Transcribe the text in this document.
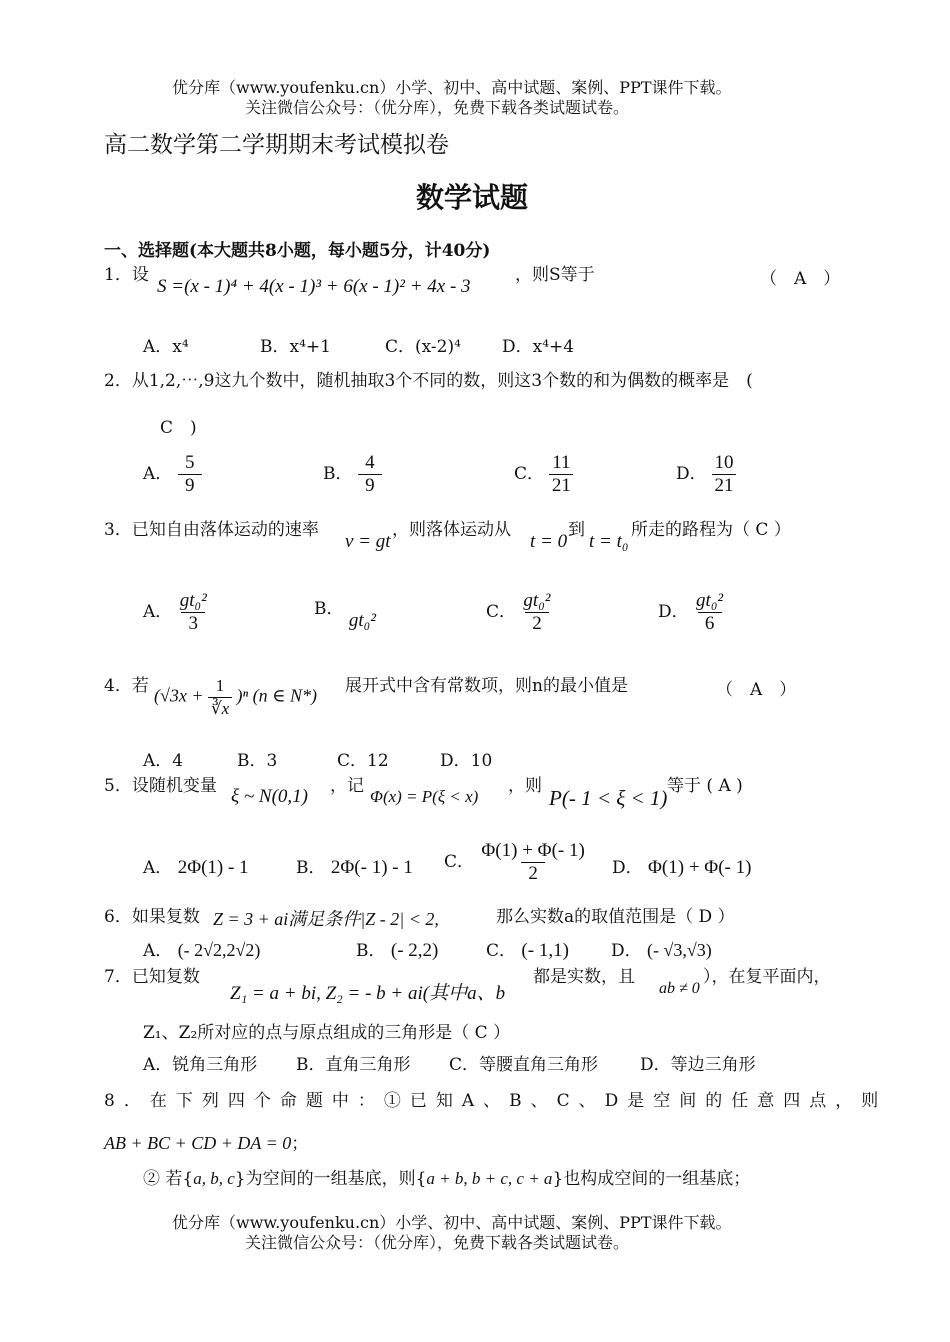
优分库（www.youfenku.cn）小学、初中、高中试题、案例、PPT课件下载。
关注微信公众号：（优分库），免费下载各类试题试卷。
高二数学第二学期期末考试模拟卷
数学试题
一、选择题(本大题共8小题，每小题5分，计40分)
1．设
S =(x - 1)⁴ + 4(x - 1)³ + 6(x - 1)² + 4x - 3
，则S等于	（　A　）
A．x⁴	B．x⁴+1	C．(x-2)⁴ D．x⁴+4
2．从1,2,⋯,9这九个数中，随机抽取3个不同的数，则这3个数的和为偶数的概率是　(
C　)
A． $\frac{5}{9}$	B． $\frac{4}{9}$	C． $\frac{11}{21}$	D． $\frac{10}{21}$
3．已知自由落体运动的速率
v = gt
，则落体运动从
t = 0
到
t = t₀
所走的路程为（ C ）
A． $\frac{\text{gt₀²}}{3}$	B． gt₀²	C． $\frac{\text{gt₀²}}{2}$	D． $\frac{\text{gt₀²}}{6}$
4．若 $(√3x + \frac{1}{∛x} )^n$ (n ∈ N*) 展开式中含有常数项，则n的最小值是	（　A　）
A．4	B．3	C．12	D．10
5．设随机变量 ξ ~ N(0,1) ，记
Φ(x) = P(ξ < x)
，则 P(- 1 < ξ < 1) 等于 ( A )
A． 2Φ(1) - 1	B． 2Φ(- 1) - 1 C． $\frac{\Phi(1) + \Phi(- 1)}{2}$ D． Φ(1) + Φ(- 1)
6．如果复数 Z = 3 + ai满足条件|Z - 2| < 2,	那么实数a的取值范围是（ D ）
A． (- 2√2,2√2)	B． (- 2,2)	C． (- 1,1) D． (- √3,√3)
7．已知复数
Z₁ = a + bi, Z₂ = - b + ai(其中a、b
都是实数，且
ab ≠ 0
），在复平面内，
Z₁、Z₂所对应的点与原点组成的三角形是（ C ）
A．锐角三角形 B．直角三角形 C．等腰直角三角形 D．等边三角形
8．在下列四个命题中：①已知A、B、C、D是空间的任意四点，则
AB + BC + CD + DA = 0；
② 若{a, b, c}为空间的一组基底，则{a + b, b + c, c + a}也构成空间的一组基底；
优分库（www.youfenku.cn）小学、初中、高中试题、案例、PPT课件下载。
关注微信公众号：（优分库），免费下载各类试题试卷。
